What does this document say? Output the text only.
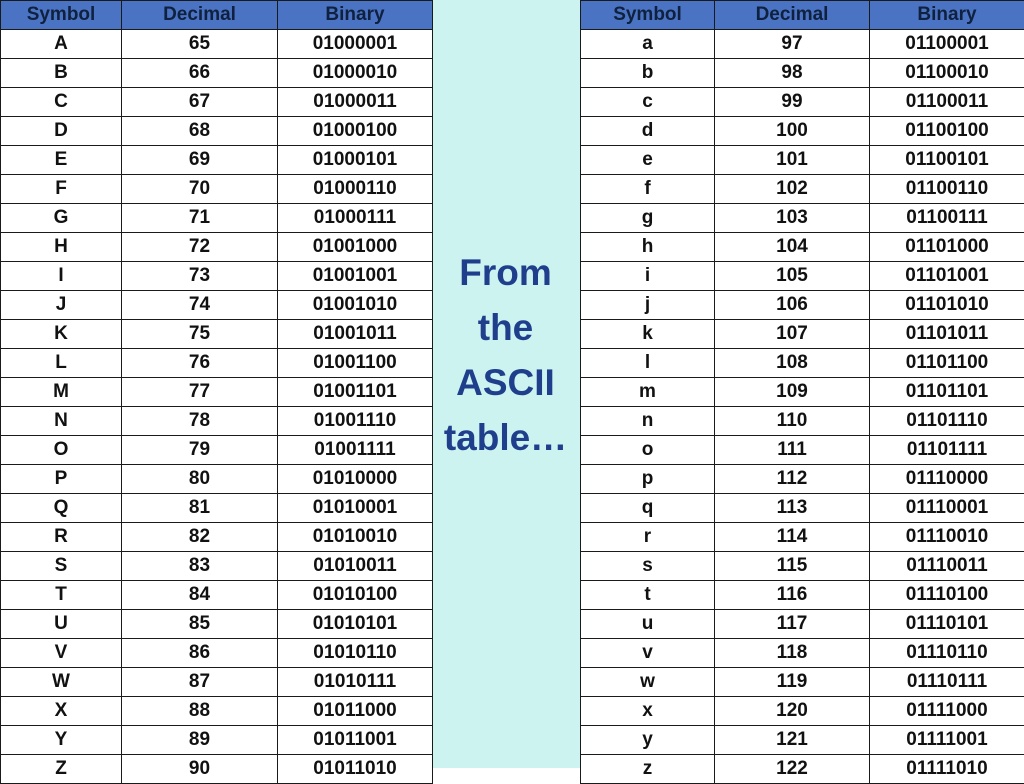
From
the
ASCII
table…
Symbol	Decimal	Binary
A	65	01000001
B	66	01000010
C	67	01000011
D	68	01000100
E	69	01000101
F	70	01000110
G	71	01000111
H	72	01001000
I	73	01001001
J	74	01001010
K	75	01001011
L	76	01001100
M	77	01001101
N	78	01001110
O	79	01001111
P	80	01010000
Q	81	01010001
R	82	01010010
S	83	01010011
T	84	01010100
U	85	01010101
V	86	01010110
W	87	01010111
X	88	01011000
Y	89	01011001
Z	90	01011010
Symbol	Decimal	Binary
a	97	01100001
b	98	01100010
c	99	01100011
d	100	01100100
e	101	01100101
f	102	01100110
g	103	01100111
h	104	01101000
i	105	01101001
j	106	01101010
k	107	01101011
l	108	01101100
m	109	01101101
n	110	01101110
o	111	01101111
p	112	01110000
q	113	01110001
r	114	01110010
s	115	01110011
t	116	01110100
u	117	01110101
v	118	01110110
w	119	01110111
x	120	01111000
y	121	01111001
z	122	01111010
